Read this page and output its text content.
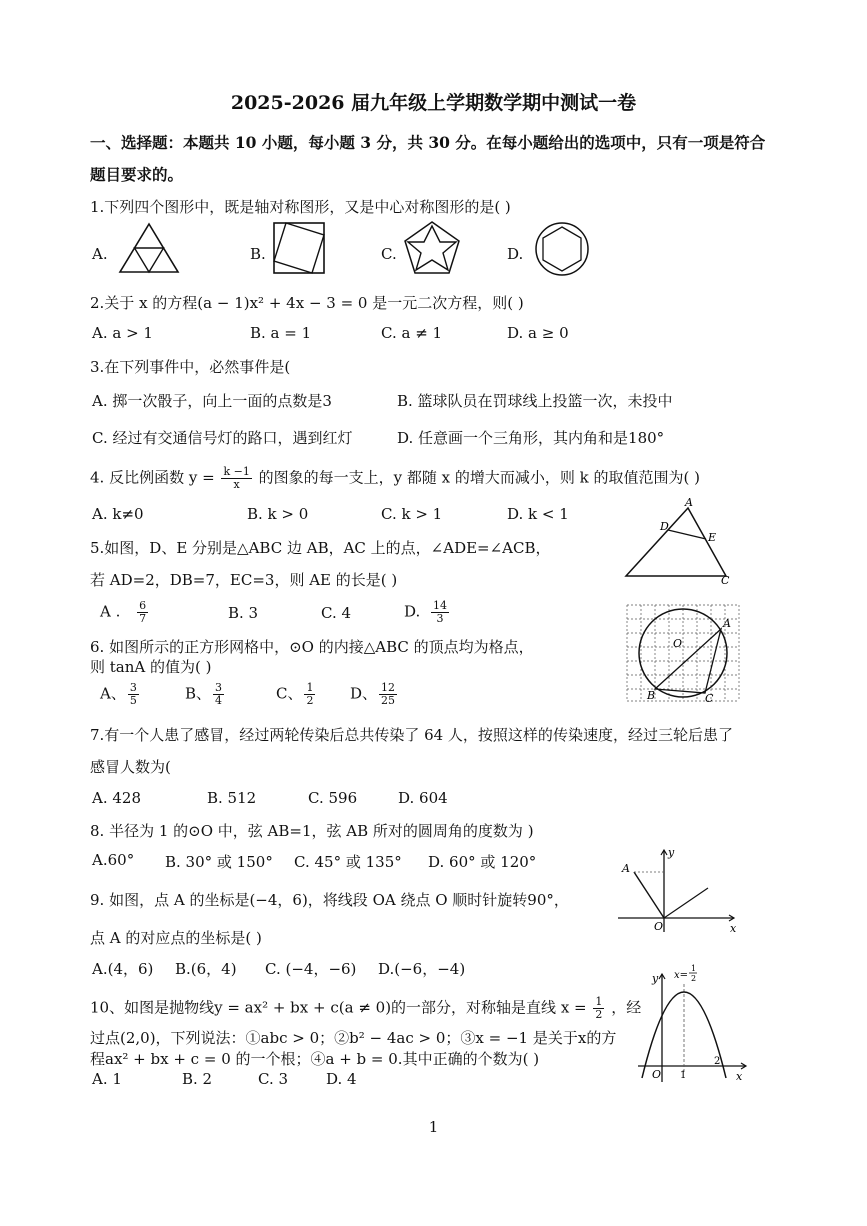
2025-2026 届九年级上学期数学期中测试一卷
一、选择题：本题共 10 小题，每小题 3 分，共 30 分。在每小题给出的选项中，只有一项是符合
题目要求的。
1.下列四个图形中，既是轴对称图形，又是中心对称图形的是( )
A.	B.	C.	D.
2.关于 x 的方程(a − 1)x² + 4x − 3 = 0 是一元二次方程，则( )
A. a > 1	B. a = 1	C. a ≠ 1	D. a ≥ 0
3.在下列事件中，必然事件是(
A. 掷一次骰子，向上一面的点数是3	B. 篮球队员在罚球线上投篮一次，未投中
C. 经过有交通信号灯的路口，遇到红灯	D. 任意画一个三角形，其内角和是180°
4. 反比例函数 $y = \frac{k -1}{x}$ 的图象的每一支上，y 都随 x 的增大而减小，则 k 的取值范围为( )
A. k≠0	B. k > 0	C. k > 1	D. k < 1
5.如图，D、E 分别是△ABC 边 AB，AC 上的点，∠ADE=∠ACB，
若 AD=2，DB=7，EC=3，则 AE 的长是( )
A . $\frac{6}{7}$	B. 3	C. 4	D. $\frac{14}{3}$
A
D
E
C
6. 如图所示的正方形网格中，⊙O 的内接△ABC 的顶点均为格点，
则 tanA 的值为( )
A、 $\frac{3}{5}$	B、 $\frac{3}{4}$	C、 $\frac{1}{2}$ D、 $\frac{12}{25}$
O
A
B	C
7.有一个人患了感冒，经过两轮传染后总共传染了 64 人，按照这样的传染速度，经过三轮后患了
感冒人数为(
A. 428	B. 512	C. 596	D. 604
8. 半径为 1 的⊙O 中，弦 AB=1，弦 AB 所对的圆周角的度数为 )
A.60° B. 30° 或 150° C. 45° 或 135° D. 60° 或 120°
9. 如图，点 A 的坐标是(−4，6)，将线段 OA 绕点 O 顺时针旋转90°，
点 A 的对应点的坐标是( )
A.(4，6) B.(6，4) C. (−4，−6) D.(−6，−4)
A
O	x
y
10、如图是抛物线y = ax² + bx + c(a ≠ 0)的一部分，对称轴是直线 $x = \frac{1}{2}$ ，经
过点(2,0)，下列说法：①abc > 0；②b² − 4ac > 0；③x = −1 是关于x的方
程ax² + bx + c = 0 的一个根；④a + b = 0.其中正确的个数为( )
A. 1	B. 2	C. 3	D. 4
y
x
O 1
2
x=
1
2
1
